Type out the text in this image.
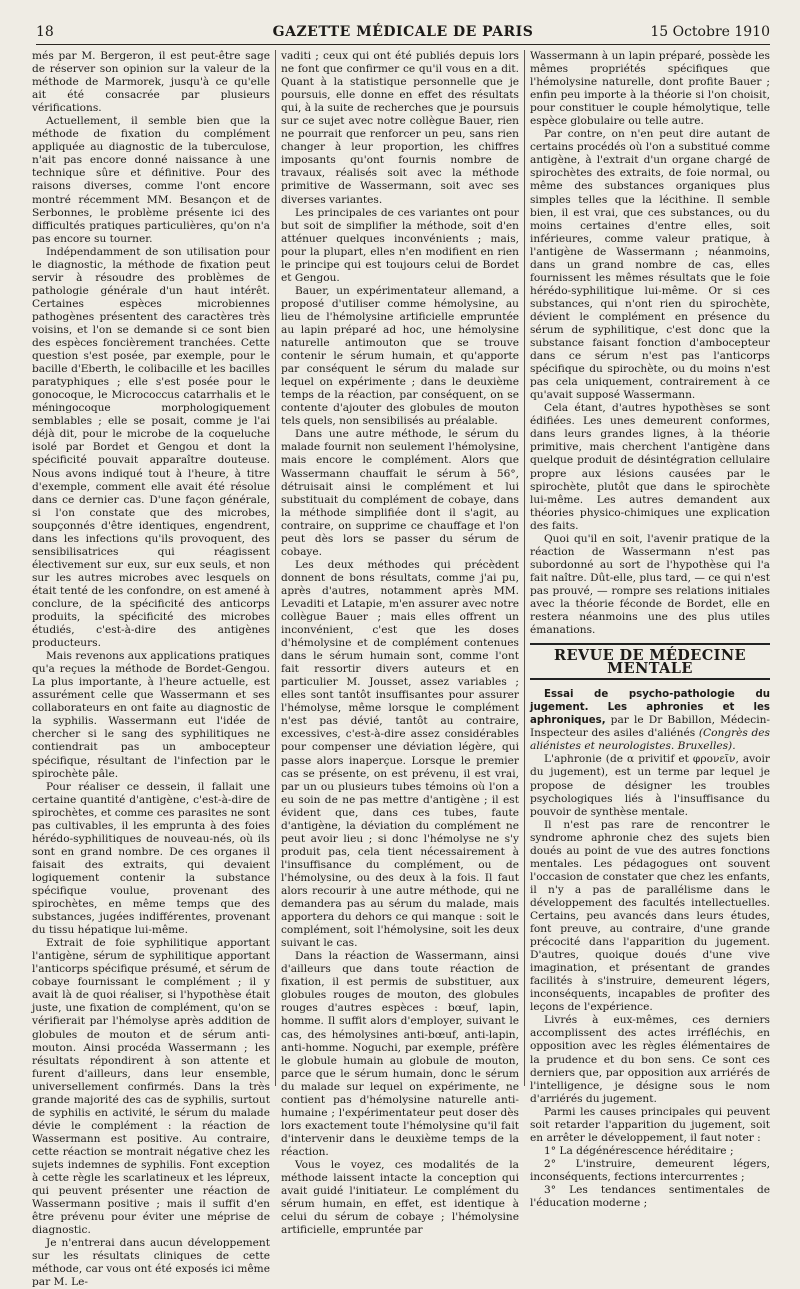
18	GAZETTE MÉDICALE DE PARIS	15 Octobre 1910

més par M. Bergeron, il est peut-être sage de réserver son opinion sur la valeur de la méthode de Marmorek, jusqu'à ce qu'elle ait été consacrée par plusieurs vérifications.

Actuellement, il semble bien que la méthode de fixation du complément appliquée au diagnostic de la tuberculose, n'ait pas encore donné naissance à une technique sûre et définitive. Pour des raisons diverses, comme l'ont encore montré récemment MM. Besançon et de Serbonnes, le problème présente ici des difficultés pratiques particulières, qu'on n'a pas encore su tourner.

Indépendamment de son utilisation pour le diagnostic, la méthode de fixation peut servir à résoudre des problèmes de pathologie générale d'un haut intérêt. Certaines espèces microbiennes pathogènes présentent des caractères très voisins, et l'on se demande si ce sont bien des espèces foncièrement tranchées. Cette question s'est posée, par exemple, pour le bacille d'Eberth, le colibacille et les bacilles paratyphiques ; elle s'est posée pour le gonocoque, le Micrococcus catarrhalis et le méningocoque morphologiquement semblables ; elle se posait, comme je l'ai déjà dit, pour le microbe de la coqueluche isolé par Bordet et Gengou et dont la spécificité pouvait apparaître douteuse. Nous avons indiqué tout à l'heure, à titre d'exemple, comment elle avait été résolue dans ce dernier cas. D'une façon générale, si l'on constate que des microbes, soupçonnés d'être identiques, engendrent, dans les infections qu'ils provoquent, des sensibilisatrices qui réagissent électivement sur eux, sur eux seuls, et non sur les autres microbes avec lesquels on était tenté de les confondre, on est amené à conclure, de la spécificité des anticorps produits, la spécificité des microbes étudiés, c'est-à-dire des antigènes producteurs.

Mais revenons aux applications pratiques qu'a reçues la méthode de Bordet-Gengou. La plus importante, à l'heure actuelle, est assurément celle que Wassermann et ses collaborateurs en ont faite au diagnostic de la syphilis. Wassermann eut l'idée de chercher si le sang des syphilitiques ne contiendrait pas un ambocepteur spécifique, résultant de l'infection par le spirochète pâle.

Pour réaliser ce dessein, il fallait une certaine quantité d'antigène, c'est-à-dire de spirochètes, et comme ces parasites ne sont pas cultivables, il les emprunta à des foies hérédo-syphilitiques de nouveau-nés, où ils sont en grand nombre. De ces organes il faisait des extraits, qui devaient logiquement contenir la substance spécifique voulue, provenant des spirochètes, en même temps que des substances, jugées indifférentes, provenant du tissu hépatique lui-même.

Extrait de foie syphilitique apportant l'antigène, sérum de syphilitique apportant l'anticorps spécifique présumé, et sérum de cobaye fournissant le complément ; il y avait là de quoi réaliser, si l'hypothèse était juste, une fixation de complément, qu'on se vérifierait par l'hémolyse après addition de globules de mouton et de sérum anti-mouton. Ainsi procéda Wassermann ; les résultats répondirent à son attente et furent d'ailleurs, dans leur ensemble, universellement confirmés. Dans la très grande majorité des cas de syphilis, surtout de syphilis en activité, le sérum du malade dévie le complément : la réaction de Wassermann est positive. Au contraire, cette réaction se montrait négative chez les sujets indemnes de syphilis. Font exception à cette règle les scarlatineux et les lépreux, qui peuvent présenter une réaction de Wassermann positive ; mais il suffit d'en être prévenu pour éviter une méprise de diagnostic.

Je n'entrerai dans aucun développement sur les résultats cliniques de cette méthode, car vous ont été exposés ici même par M. Le-

vaditi ; ceux qui ont été publiés depuis lors ne font que confirmer ce qu'il vous en a dit. Quant à la statistique personnelle que je poursuis, elle donne en effet des résultats qui, à la suite de recherches que je poursuis sur ce sujet avec notre collègue Bauer, rien ne pourrait que renforcer un peu, sans rien changer à leur proportion, les chiffres imposants qu'ont fournis nombre de travaux, réalisés soit avec la méthode primitive de Wassermann, soit avec ses diverses variantes.

Les principales de ces variantes ont pour but soit de simplifier la méthode, soit d'en atténuer quelques inconvénients ; mais, pour la plupart, elles n'en modifient en rien le principe qui est toujours celui de Bordet et Gengou.

Bauer, un expérimentateur allemand, a proposé d'utiliser comme hémolysine, au lieu de l'hémolysine artificielle empruntée au lapin préparé ad hoc, une hémolysine naturelle antimouton que se trouve contenir le sérum humain, et qu'apporte par conséquent le sérum du malade sur lequel on expérimente ; dans le deuxième temps de la réaction, par conséquent, on se contente d'ajouter des globules de mouton tels quels, non sensibilisés au préalable.

Dans une autre méthode, le sérum du malade fournit non seulement l'hémolysine, mais encore le complément. Alors que Wassermann chauffait le sérum à 56°, détruisait ainsi le complément et lui substituait du complément de cobaye, dans la méthode simplifiée dont il s'agit, au contraire, on supprime ce chauffage et l'on peut dès lors se passer du sérum de cobaye.

Les deux méthodes qui précèdent donnent de bons résultats, comme j'ai pu, après d'autres, notamment après MM. Levaditi et Latapie, m'en assurer avec notre collègue Bauer ; mais elles offrent un inconvénient, c'est que les doses d'hémolysine et de complément contenues dans le sérum humain sont, comme l'ont fait ressortir divers auteurs et en particulier M. Jousset, assez variables ; elles sont tantôt insuffisantes pour assurer l'hémolyse, même lorsque le complément n'est pas dévié, tantôt au contraire, excessives, c'est-à-dire assez considérables pour compenser une déviation légère, qui passe alors inaperçue. Lorsque le premier cas se présente, on est prévenu, il est vrai, par un ou plusieurs tubes témoins où l'on a eu soin de ne pas mettre d'antigène ; il est évident que, dans ces tubes, faute d'antigène, la déviation du complément ne peut avoir lieu ; si donc l'hémolyse ne s'y produit pas, cela tient nécessairement à l'insuffisance du complément, ou de l'hémolysine, ou des deux à la fois. Il faut alors recourir à une autre méthode, qui ne demandera pas au sérum du malade, mais apportera du dehors ce qui manque : soit le complément, soit l'hémolysine, soit les deux suivant le cas.

Dans la réaction de Wassermann, ainsi d'ailleurs que dans toute réaction de fixation, il est permis de substituer, aux globules rouges de mouton, des globules rouges d'autres espèces : bœuf, lapin, homme. Il suffit alors d'employer, suivant le cas, des hémolysines anti-bœuf, anti-lapin, anti-homme. Noguchi, par exemple, préfère le globule humain au globule de mouton, parce que le sérum humain, donc le sérum du malade sur lequel on expérimente, ne contient pas d'hémolysine naturelle anti-humaine ; l'expérimentateur peut doser dès lors exactement toute l'hémolysine qu'il fait d'intervenir dans le deuxième temps de la réaction.

Vous le voyez, ces modalités de la méthode laissent intacte la conception qui avait guidé l'initiateur. Le complément du sérum humain, en effet, est identique à celui du sérum de cobaye ; l'hémolysine artificielle, empruntée par

Wassermann à un lapin préparé, possède les mêmes propriétés spécifiques que l'hémolysine naturelle, dont profite Bauer ; enfin peu importe à la théorie si l'on choisit, pour constituer le couple hémolytique, telle espèce globulaire ou telle autre.

Par contre, on n'en peut dire autant de certains procédés où l'on a substitué comme antigène, à l'extrait d'un organe chargé de spirochètes des extraits, de foie normal, ou même des substances organiques plus simples telles que la lécithine. Il semble bien, il est vrai, que ces substances, ou du moins certaines d'entre elles, soit inférieures, comme valeur pratique, à l'antigène de Wassermann ; néanmoins, dans un grand nombre de cas, elles fournissent les mêmes résultats que le foie hérédo-syphilitique lui-même. Or si ces substances, qui n'ont rien du spirochète, dévient le complément en présence du sérum de syphilitique, c'est donc que la substance faisant fonction d'ambocepteur dans ce sérum n'est pas l'anticorps spécifique du spirochète, ou du moins n'est pas cela uniquement, contrairement à ce qu'avait supposé Wassermann.

Cela étant, d'autres hypothèses se sont édifiées. Les unes demeurent conformes, dans leurs grandes lignes, à la théorie primitive, mais cherchent l'antigène dans quelque produit de désintégration cellulaire propre aux lésions causées par le spirochète, plutôt que dans le spirochète lui-même. Les autres demandent aux théories physico-chimiques une explication des faits.

Quoi qu'il en soit, l'avenir pratique de la réaction de Wassermann n'est pas subordonné au sort de l'hypothèse qui l'a fait naître. Dût-elle, plus tard, — ce qui n'est pas prouvé, — rompre ses relations initiales avec la théorie féconde de Bordet, elle en restera néanmoins une des plus utiles émanations.

REVUE DE MÉDECINE MENTALE

Essai de psycho-pathologie du jugement. Les aphronies et les aphroniques, par le Dr Babillon, Médecin-Inspecteur des asiles d'aliénés (Congrès des aliénistes et neurologistes. Bruxelles).

L'aphronie (de α privitif et φρονεῖν, avoir du jugement), est un terme par lequel je propose de désigner les troubles psychologiques liés à l'insuffisance du pouvoir de synthèse mentale.

Il n'est pas rare de rencontrer le syndrome aphronie chez des sujets bien doués au point de vue des autres fonctions mentales. Les pédagogues ont souvent l'occasion de constater que chez les enfants, il n'y a pas de parallélisme dans le développement des facultés intellectuelles. Certains, peu avancés dans leurs études, font preuve, au contraire, d'une grande précocité dans l'apparition du jugement. D'autres, quoique doués d'une vive imagination, et présentant de grandes facilités à s'instruire, demeurent légers, inconséquents, incapables de profiter des leçons de l'expérience.

Livrés à eux-mêmes, ces derniers accomplissent des actes irréfléchis, en opposition avec les règles élémentaires de la prudence et du bon sens. Ce sont ces derniers que, par opposition aux arriérés de l'intelligence, je désigne sous le nom d'arriérés du jugement.

Parmi les causes principales qui peuvent soit retarder l'apparition du jugement, soit en arrêter le développement, il faut noter :

1° La dégénérescence héréditaire ;

2° L'instruire, demeurent légers, inconséquents, fections intercurrentes ;

3° Les tendances sentimentales de l'éducation moderne ;
